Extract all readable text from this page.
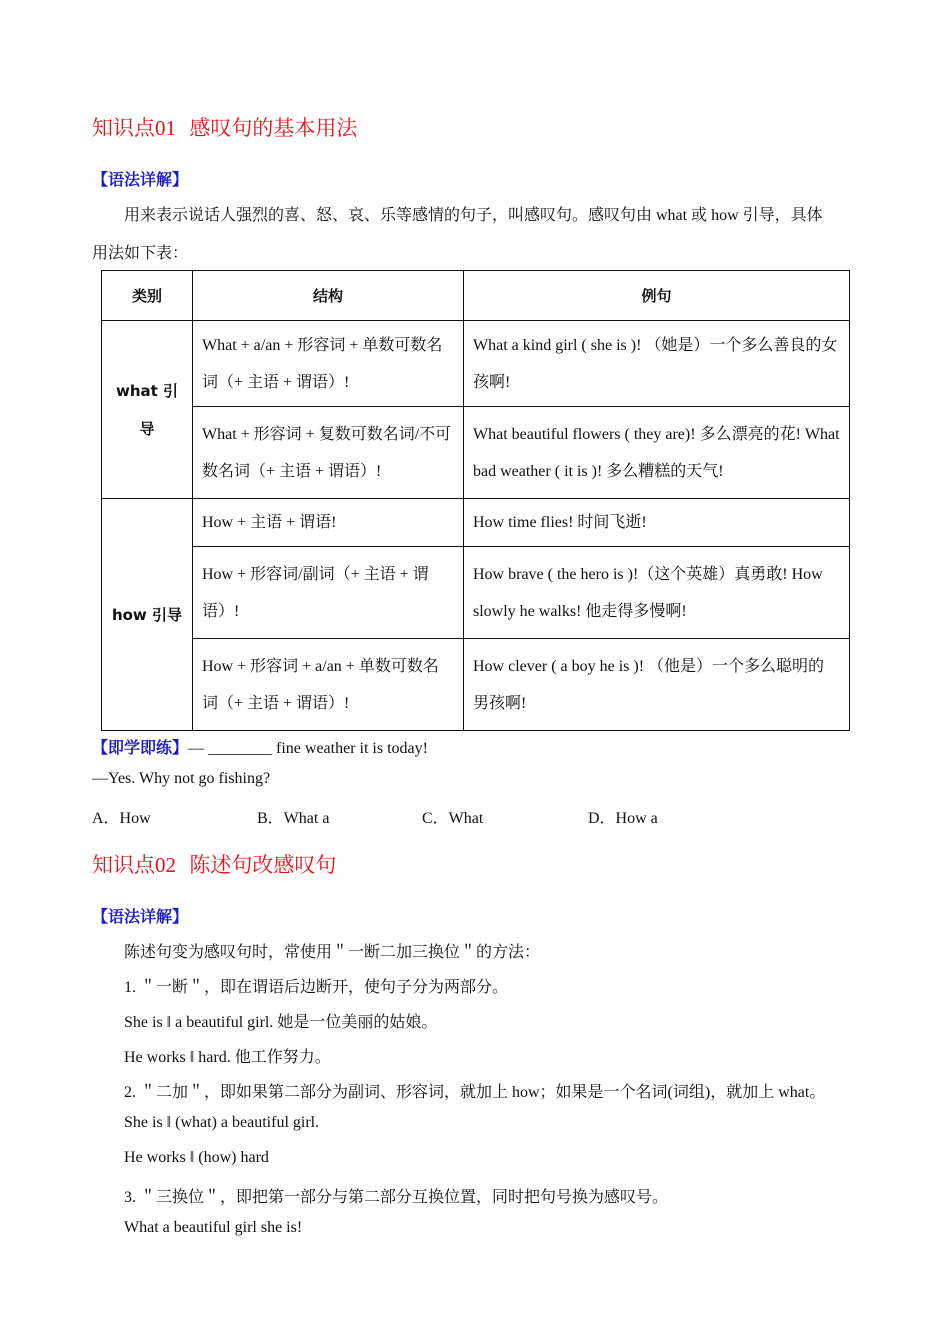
知识点01 感叹句的基本用法
【语法详解】
用来表示说话人强烈的喜、怒、哀、乐等感情的句子，叫感叹句。感叹句由 what 或 how 引导，具体
用法如下表：
类别	结构	例句
what 引导	What + a/an + 形容词 + 单数可数名词（+ 主语 + 谓语）!	What a kind girl ( she is )! （她是）一个多么善良的女孩啊!
	What + 形容词 + 复数可数名词/不可数名词（+ 主语 + 谓语）!	What beautiful flowers ( they are)! 多么漂亮的花! What bad weather ( it is )! 多么糟糕的天气!
how 引导	How + 主语 + 谓语!	How time flies! 时间飞逝!
	How + 形容词/副词（+ 主语 + 谓语）!	How brave ( the hero is )!（这个英雄）真勇敢! How slowly he walks! 他走得多慢啊!
	How + 形容词 + a/an + 单数可数名词（+ 主语 + 谓语）!	How clever ( a boy he is )! （他是）一个多么聪明的男孩啊!
【即学即练】— ________ fine weather it is today!
—Yes. Why not go fishing?
A．How	B．What a	C．What	D．How a
知识点02 陈述句改感叹句
【语法详解】
陈述句变为感叹句时，常使用＂一断二加三换位＂的方法：
1. ＂一断＂，即在谓语后边断开，使句子分为两部分。
She is ‖ a beautiful girl. 她是一位美丽的姑娘。
He works ‖ hard. 他工作努力。
2. ＂二加＂，即如果第二部分为副词、形容词，就加上 how；如果是一个名词(词组)，就加上 what。
She is ‖ (what) a beautiful girl.
He works ‖ (how) hard
3. ＂三换位＂，即把第一部分与第二部分互换位置，同时把句号换为感叹号。
What a beautiful girl she is!
